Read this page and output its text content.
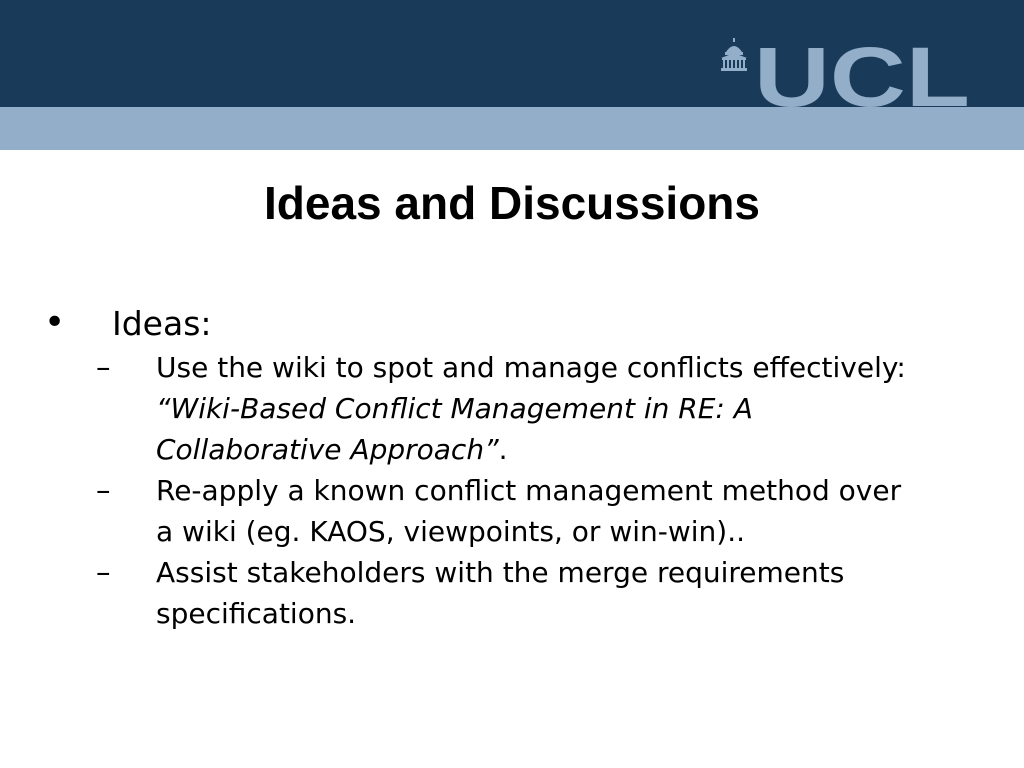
UCL
Ideas and Discussions
• Ideas:
– Use the wiki to spot and manage conflicts effectively:
“Wiki-Based Conflict Management in RE: A
Collaborative Approach”.
– Re-apply a known conflict management method over
a wiki (eg. KAOS, viewpoints, or win-win)..
– Assist stakeholders with the merge requirements
specifications.
